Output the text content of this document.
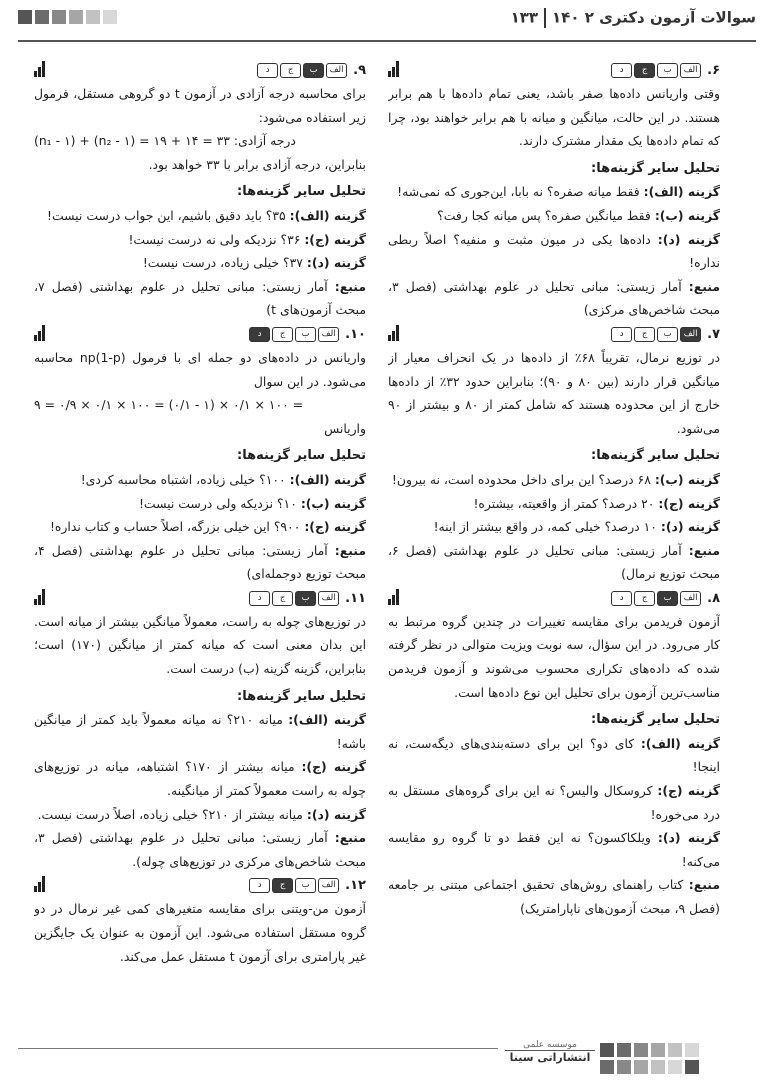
سوالات آزمون دکتری ۲ ۱۴۰۱۳۳
۶.
الف
ب
ج
د

وقتی واریانس داده‌ها صفر باشد، یعنی تمام داده‌ها با هم برابر هستند. در این حالت، میانگین و میانه با هم برابر خواهند بود، چرا که تمام داده‌ها یک مقدار مشترک دارند.

تحلیل سایر گزینه‌ها:

گزینه (الف): فقط میانه صفره؟ نه بابا، این‌جوری که نمی‌شه!

گزینه (ب): فقط میانگین صفره؟ پس میانه کجا رفت؟

گزینه (د): داده‌ها یکی در میون مثبت و منفیه؟ اصلاً ربطی نداره!

منبع: آمار زیستی: مبانی تحلیل در علوم بهداشتی (فصل ۳، مبحث شاخص‌های مرکزی)

۷.
الف
ب
ج
د

در توزیع نرمال، تقریباً ۶۸٪ از داده‌ها در یک انحراف معیار از میانگین قرار دارند (بین ۸۰ و ۹۰)؛ بنابراین حدود ۳۲٪ از داده‌ها خارج از این محدوده هستند که شامل کمتر از ۸۰ و بیشتر از ۹۰ می‌شود.

تحلیل سایر گزینه‌ها:

گزینه (ب): ۶۸ درصد؟ این برای داخل محدوده است، نه بیرون!

گزینه (ج): ۲۰ درصد؟ کمتر از واقعیته، بیشتره!

گزینه (د): ۱۰ درصد؟ خیلی کمه، در واقع بیشتر از اینه!

منبع: آمار زیستی: مبانی تحلیل در علوم بهداشتی (فصل ۶، مبحث توزیع نرمال)

۸.
الف
ب
ج
د

آزمون فریدمن برای مقایسه تغییرات در چندین گروه مرتبط به کار می‌رود. در این سؤال، سه نوبت ویزیت متوالی در نظر گرفته شده که داده‌های تکراری محسوب می‌شوند و آزمون فریدمن مناسب‌ترین آزمون برای تحلیل این نوع داده‌ها است.

تحلیل سایر گزینه‌ها:

گزینه (الف): کای دو؟ این برای دسته‌بندی‌های دیگه‌ست، نه اینجا!

گزینه (ج): کروسکال والیس؟ نه این برای گروه‌های مستقل به درد می‌خوره!

گزینه (د): ویلکاکسون؟ نه این فقط دو تا گروه رو مقایسه می‌کنه!

منبع: کتاب راهنمای روش‌های تحقیق اجتماعی مبتنی بر جامعه (فصل ۹، مبحث آزمون‌های ناپارامتریک)

۹.
الف
ب
ج
د

برای محاسبه درجه آزادی در آزمون t دو گروهی مستقل، فرمول زیر استفاده می‌شود:

(n₁ - ۱) + (n₂ - ۱) = ۱۹ + ۱۴ = ۳۳ :درجه آزادی

بنابراین، درجه آزادی برابر با ۳۳ خواهد بود.

تحلیل سایر گزینه‌ها:

گزینه (الف): ۳۵؟ باید دقیق باشیم، این جواب درست نیست!

گزینه (ج): ۳۶؟ نزدیکه ولی نه درست نیست!

گزینه (د): ۳۷؟ خیلی زیاده، درست نیست!

منبع: آمار زیستی: مبانی تحلیل در علوم بهداشتی (فصل ۷، مبحث آزمون‌های t)

۱۰.
الف
ب
ج
د

واریانس در داده‌های دو جمله ای با فرمول (np(1-p محاسبه می‌شود. در این سوال

۹ = ۰/۹ × ۰/۱ × ۱۰۰ = (۰/۱ - ۱) × ۰/۱ × ۱۰۰ =

واریانس

تحلیل سایر گزینه‌ها:

گزینه (الف): ۱۰۰؟ خیلی زیاده، اشتباه محاسبه کردی!

گزینه (ب): ۱۰؟ نزدیکه ولی درست نیست!

گزینه (ج): ۹۰۰؟ این خیلی بزرگه، اصلاً حساب و کتاب نداره!

منبع: آمار زیستی: مبانی تحلیل در علوم بهداشتی (فصل ۴، مبحث توزیع دوجمله‌ای)

۱۱.
الف
ب
ج
د

در توزیع‌های چوله به راست، معمولاً میانگین بیشتر از میانه است. این بدان معنی است که میانه کمتر از میانگین (۱۷۰) است؛ بنابراین، گزینه گزینه (ب) درست است.

تحلیل سایر گزینه‌ها:

گزینه (الف): میانه ۲۱۰؟ نه میانه معمولاً باید کمتر از میانگین باشه!

گزینه (ج): میانه بیشتر از ۱۷۰؟ اشتباهه، میانه در توزیع‌های چوله به راست معمولاً کمتر از میانگینه.

گزینه (د): میانه بیشتر از ۲۱۰؟ خیلی زیاده، اصلاً درست نیست.

منبع: آمار زیستی: مبانی تحلیل در علوم بهداشتی (فصل ۳، مبحث شاخص‌های مرکزی در توزیع‌های چوله).

۱۲.
الف
ب
ج
د

آزمون من-ویتنی برای مقایسه متغیرهای کمی غیر نرمال در دو گروه مستقل استفاده می‌شود. این آزمون به عنوان یک جایگزین غیر پارامتری برای آزمون t مستقل عمل می‌کند.

موسسه علمی
انتشاراتی سینا
